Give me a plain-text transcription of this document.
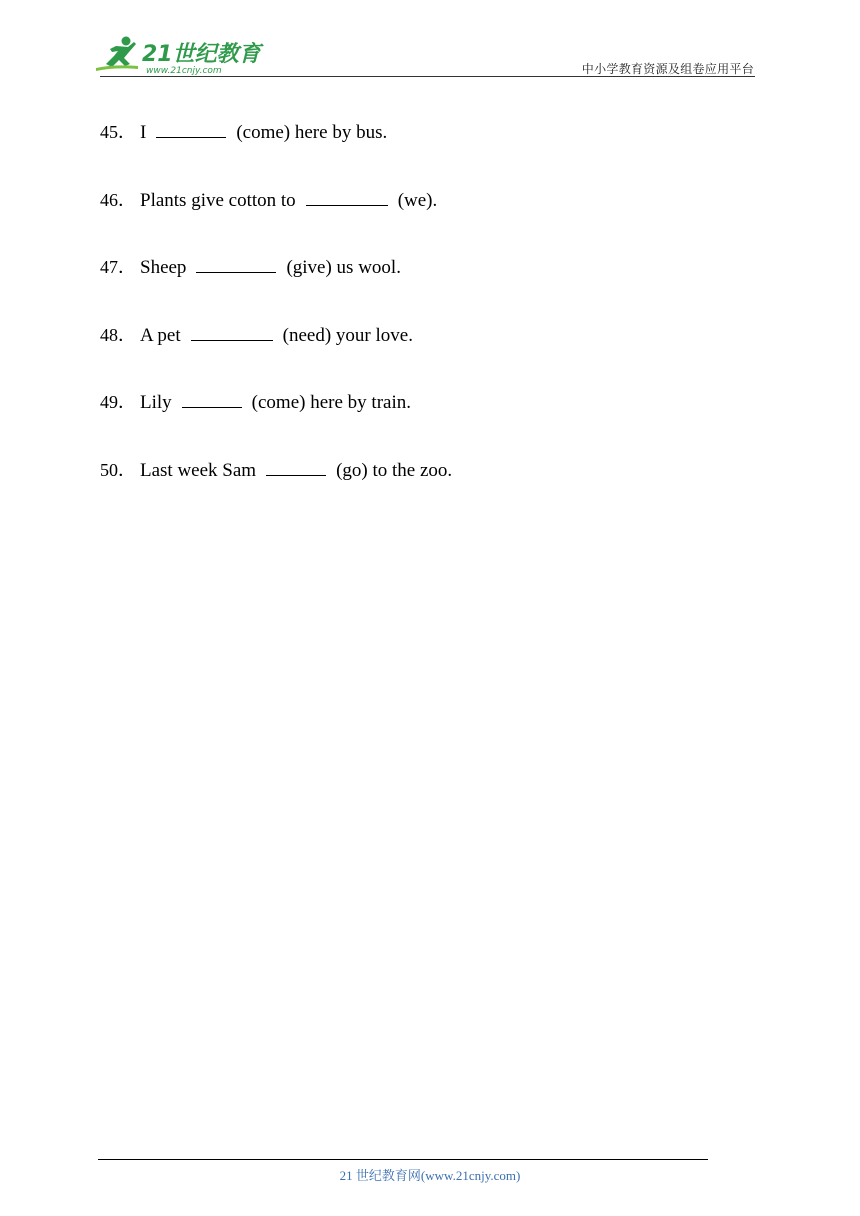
21世纪教育
www.21cnjy.com	中小学教育资源及组卷应用平台
45． I	(come) here by bus.
46． Plants give cotton to	(we).
47． Sheep	(give) us wool.
48． A pet	(need) your love.
49． Lily	(come) here by train.
50． Last week Sam	(go) to the zoo.
21 世纪教育网(www.21cnjy.com)
